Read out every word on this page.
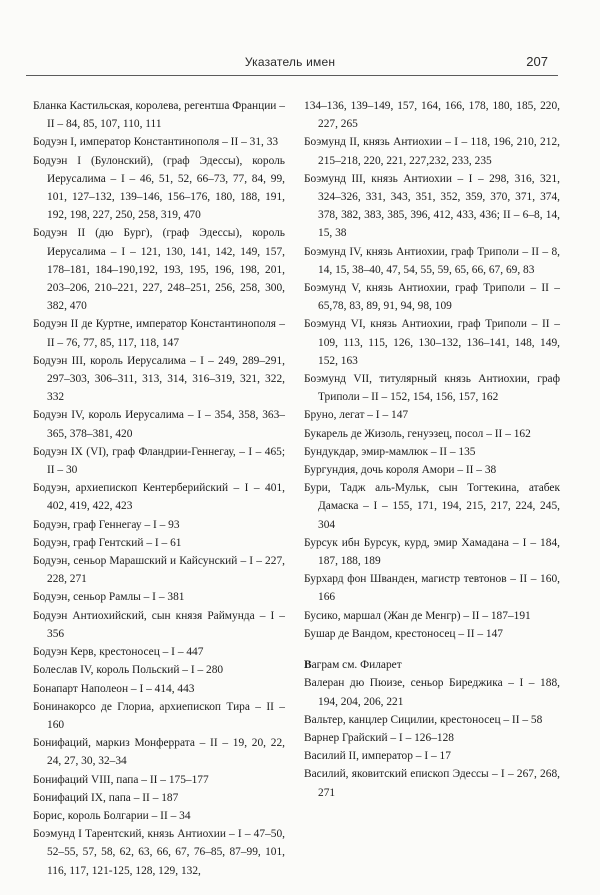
Указатель имен	207

Бланка Кастильская, королева, регентша Франции – II – 84, 85, 107, 110, 111

Бодуэн I, император Константинополя – II – 31, 33

Бодуэн I (Булонский), (граф Эдессы), король Иерусалима – I – 46, 51, 52, 66–73, 77, 84, 99, 101, 127–132, 139–146, 156–176, 180, 188, 191, 192, 198, 227, 250, 258, 319, 470

Бодуэн II (дю Бург), (граф Эдессы), король Иерусалима – I – 121, 130, 141, 142, 149, 157, 178–181, 184–190,192, 193, 195, 196, 198, 201, 203–206, 210–221, 227, 248–251, 256, 258, 300, 382, 470

Бодуэн II де Куртне, император Константинополя – II – 76, 77, 85, 117, 118, 147

Бодуэн III, король Иерусалима – I – 249, 289–291, 297–303, 306–311, 313, 314, 316–319, 321, 322, 332

Бодуэн IV, король Иерусалима – I – 354, 358, 363–365, 378–381, 420

Бодуэн IX (VI), граф Фландрии-Геннегау, – I – 465; II – 30

Бодуэн, архиепископ Кентерберийский – I – 401, 402, 419, 422, 423

Бодуэн, граф Геннегау – I – 93

Бодуэн, граф Гентский – I – 61

Бодуэн, сеньор Марашский и Кайсунский – I – 227, 228, 271

Бодуэн, сеньор Рамлы – I – 381

Бодуэн Антиохийский, сын князя Раймунда – I – 356

Бодуэн Керв, крестоносец – I – 447

Болеслав IV, король Польский – I – 280

Бонапарт Наполеон – I – 414, 443

Бонинакорсо де Глориа, архиепископ Тира – II – 160

Бонифаций, маркиз Монферрата – II – 19, 20, 22, 24, 27, 30, 32–34

Бонифаций VIII, папа – II – 175–177

Бонифаций IX, папа – II – 187

Борис, король Болгарии – II – 34

Боэмунд I Тарентский, князь Антиохии – I – 47–50, 52–55, 57, 58, 62, 63, 66, 67, 76–85, 87–99, 101, 116, 117, 121-125, 128, 129, 132,

134–136, 139–149, 157, 164, 166, 178, 180, 185, 220, 227, 265

Боэмунд II, князь Антиохии – I – 118, 196, 210, 212, 215–218, 220, 221, 227,232, 233, 235

Боэмунд III, князь Антиохии – I – 298, 316, 321, 324–326, 331, 343, 351, 352, 359, 370, 371, 374, 378, 382, 383, 385, 396, 412, 433, 436; II – 6–8, 14, 15, 38

Боэмунд IV, князь Антиохии, граф Триполи – II – 8, 14, 15, 38–40, 47, 54, 55, 59, 65, 66, 67, 69, 83

Боэмунд V, князь Антиохии, граф Триполи – II – 65,78, 83, 89, 91, 94, 98, 109

Боэмунд VI, князь Антиохии, граф Триполи – II – 109, 113, 115, 126, 130–132, 136–141, 148, 149, 152, 163

Боэмунд VII, титулярный князь Антиохии, граф Триполи – II – 152, 154, 156, 157, 162

Бруно, легат – I – 147

Букарель де Жизоль, генуэзец, посол – II – 162

Бундукдар, эмир-мамлюк – II – 135

Бургундия, дочь короля Амори – II – 38

Бури, Тадж аль-Мульк, сын Тогтекина, атабек Дамаска – I – 155, 171, 194, 215, 217, 224, 245, 304

Бурсук ибн Бурсук, курд, эмир Хамадана – I – 184, 187, 188, 189

Бурхард фон Шванден, магистр тевтонов – II – 160, 166

Бусико, маршал (Жан де Менгр) – II – 187–191

Бушар де Вандом, крестоносец – II – 147

Ваграм см. Филарет

Валеран дю Пюизе, сеньор Бирeджика – I – 188, 194, 204, 206, 221

Вальтер, канцлер Сицилии, крестоносец – II – 58

Варнер Грайский – I – 126–128

Василий II, император – I – 17

Василий, яковитский епископ Эдессы – I – 267, 268, 271
